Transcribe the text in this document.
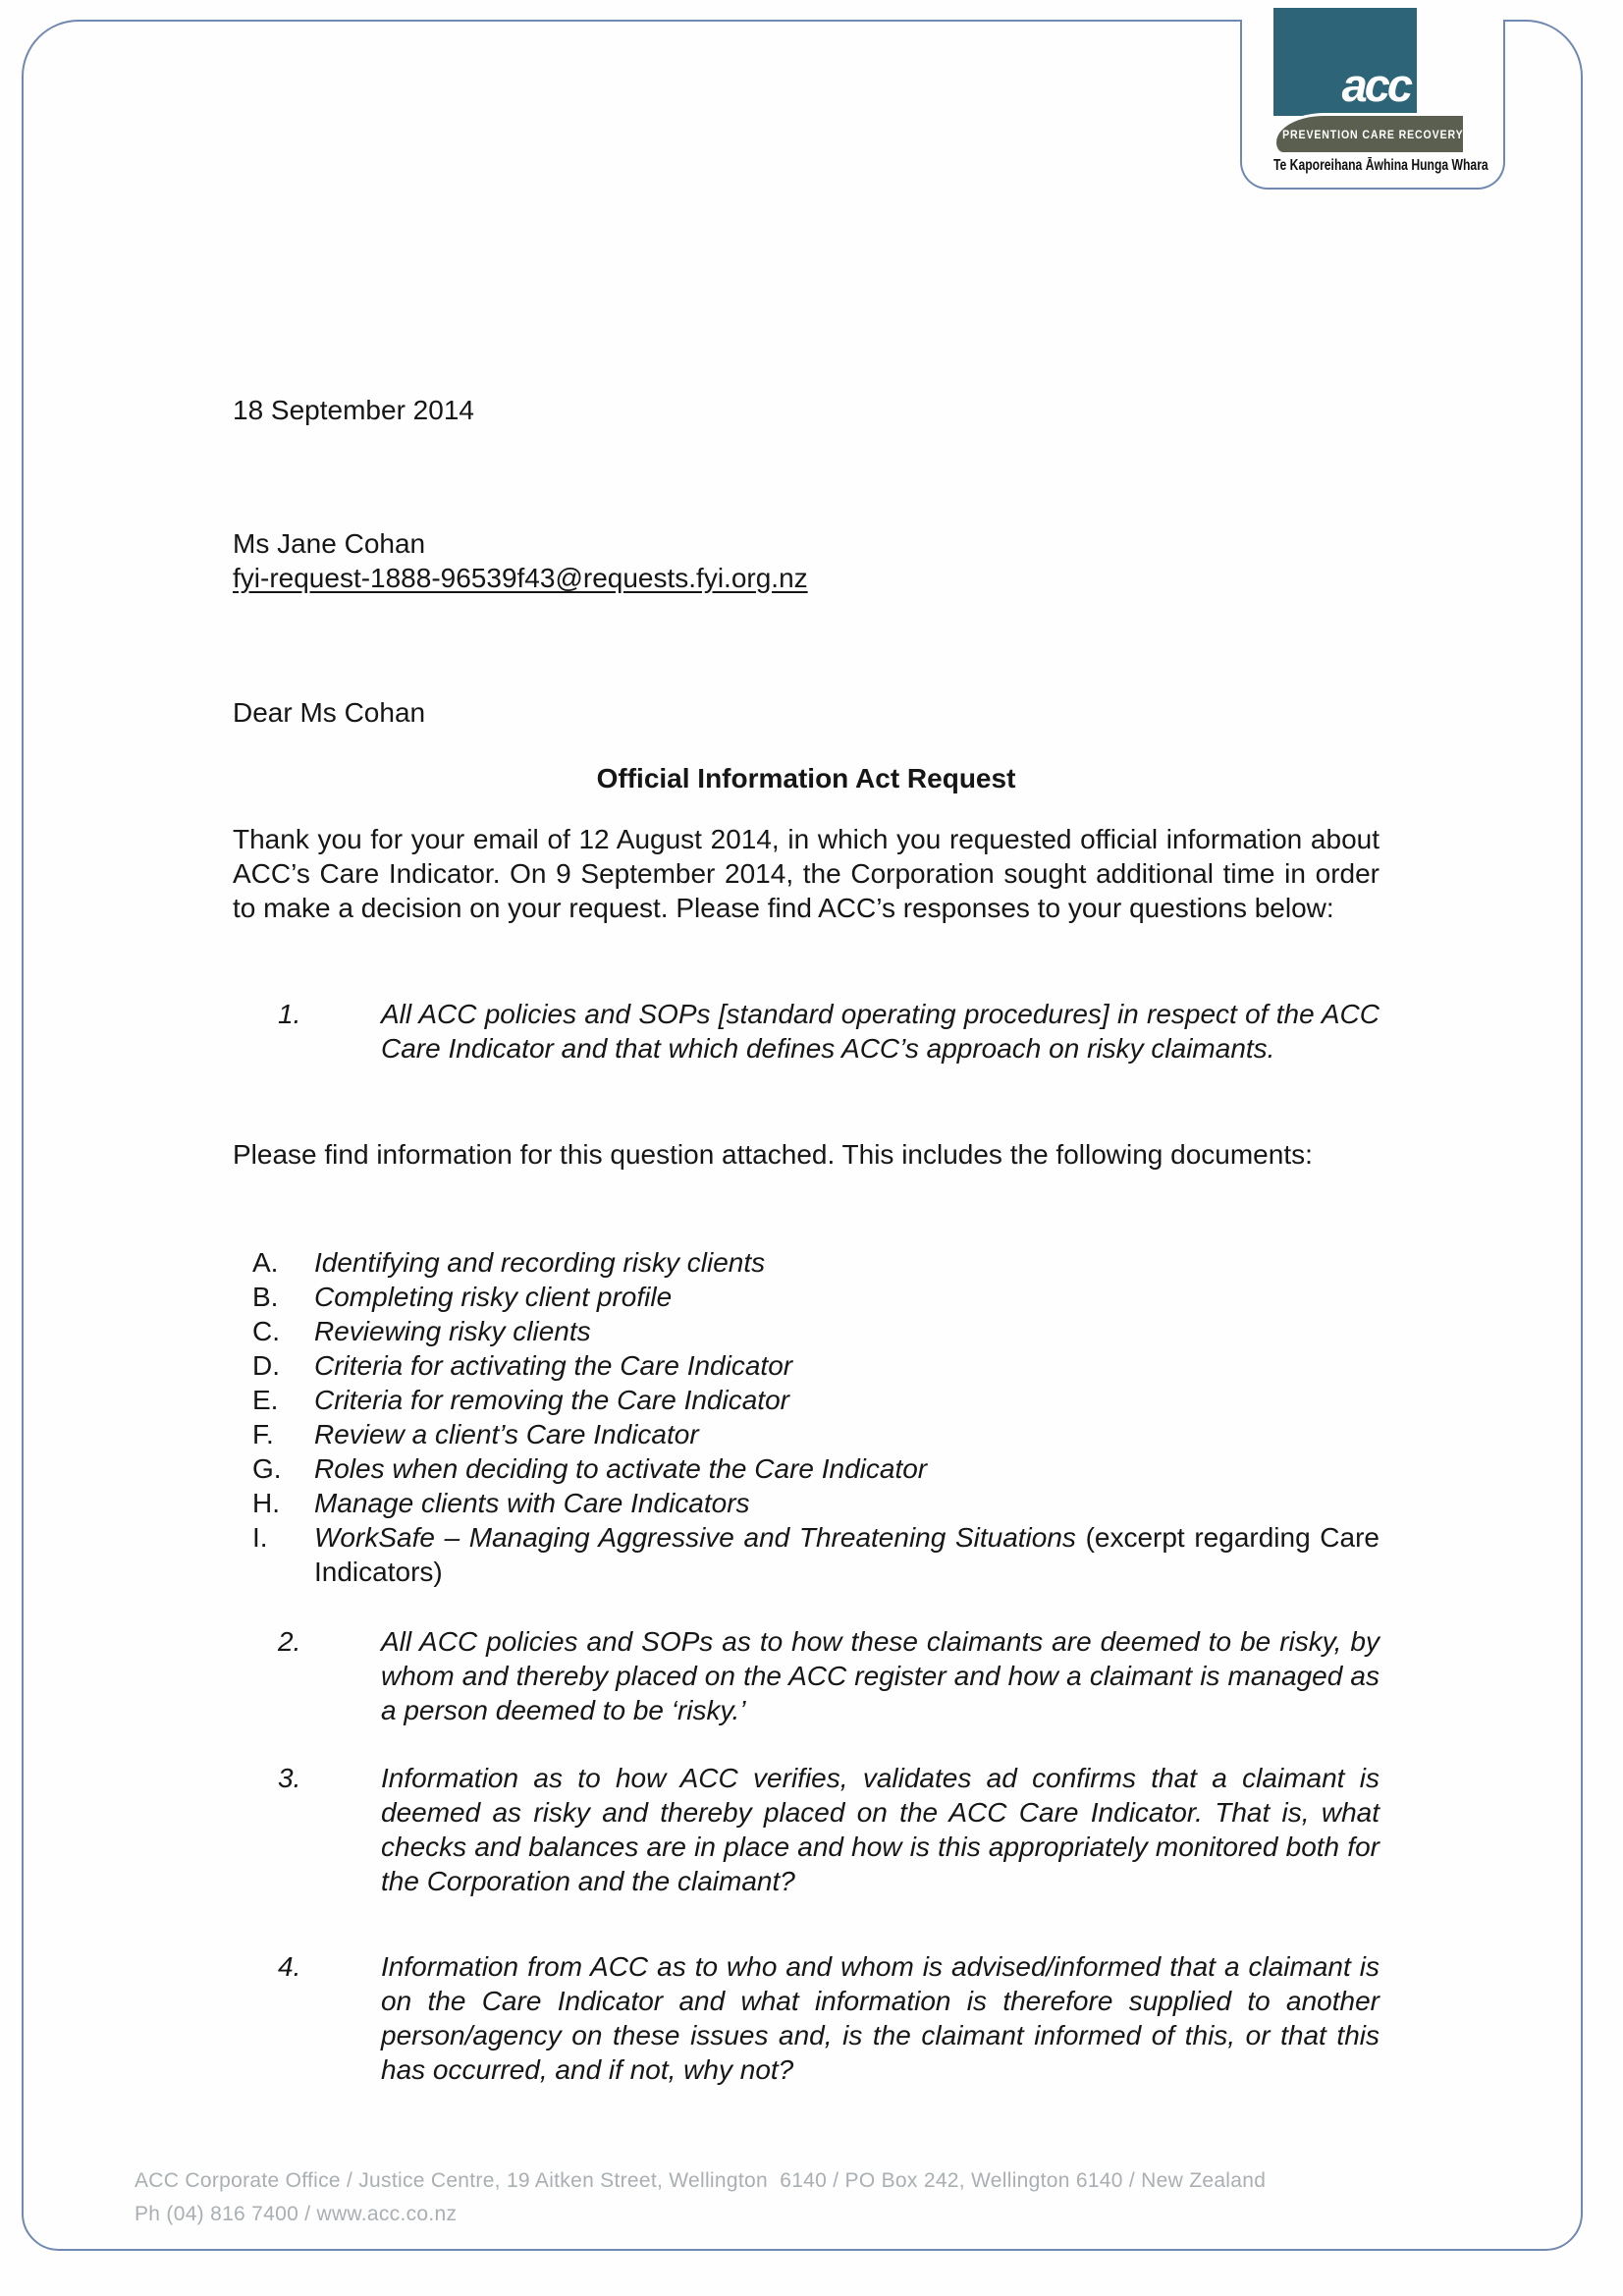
acc
PREVENTION CARE RECOVERY
Te Kaporeihana Āwhina Hunga Whara
18 September 2014
Ms Jane Cohan
fyi-request-1888-96539f43@requests.fyi.org.nz
Dear Ms Cohan
Official Information Act Request
Thank you for your email of 12 August 2014, in which you requested official information about ACC’s Care Indicator. On 9 September 2014, the Corporation sought additional time in order to make a decision on your request. Please find ACC’s responses to your questions below:
1.	All ACC policies and SOPs [standard operating procedures] in respect of the ACC Care Indicator and that which defines ACC’s approach on risky claimants.
Please find information for this question attached. This includes the following documents:
A. Identifying and recording risky clients
B. Completing risky client profile
C. Reviewing risky clients
D. Criteria for activating the Care Indicator
E. Criteria for removing the Care Indicator
F. Review a client’s Care Indicator
G. Roles when deciding to activate the Care Indicator
H. Manage clients with Care Indicators
I. WorkSafe – Managing Aggressive and Threatening Situations (excerpt regarding Care Indicators)
2.	All ACC policies and SOPs as to how these claimants are deemed to be risky, by whom and thereby placed on the ACC register and how a claimant is managed as a person deemed to be ‘risky.’
3.	Information as to how ACC verifies, validates ad confirms that a claimant is deemed as risky and thereby placed on the ACC Care Indicator. That is, what checks and balances are in place and how is this appropriately monitored both for the Corporation and the claimant?
4.	Information from ACC as to who and whom is advised/informed that a claimant is on the Care Indicator and what information is therefore supplied to another person/agency on these issues and, is the claimant informed of this, or that this has occurred, and if not, why not?
ACC Corporate Office / Justice Centre, 19 Aitken Street, Wellington  6140 / PO Box 242, Wellington 6140 / New Zealand
Ph (04) 816 7400 / www.acc.co.nz
